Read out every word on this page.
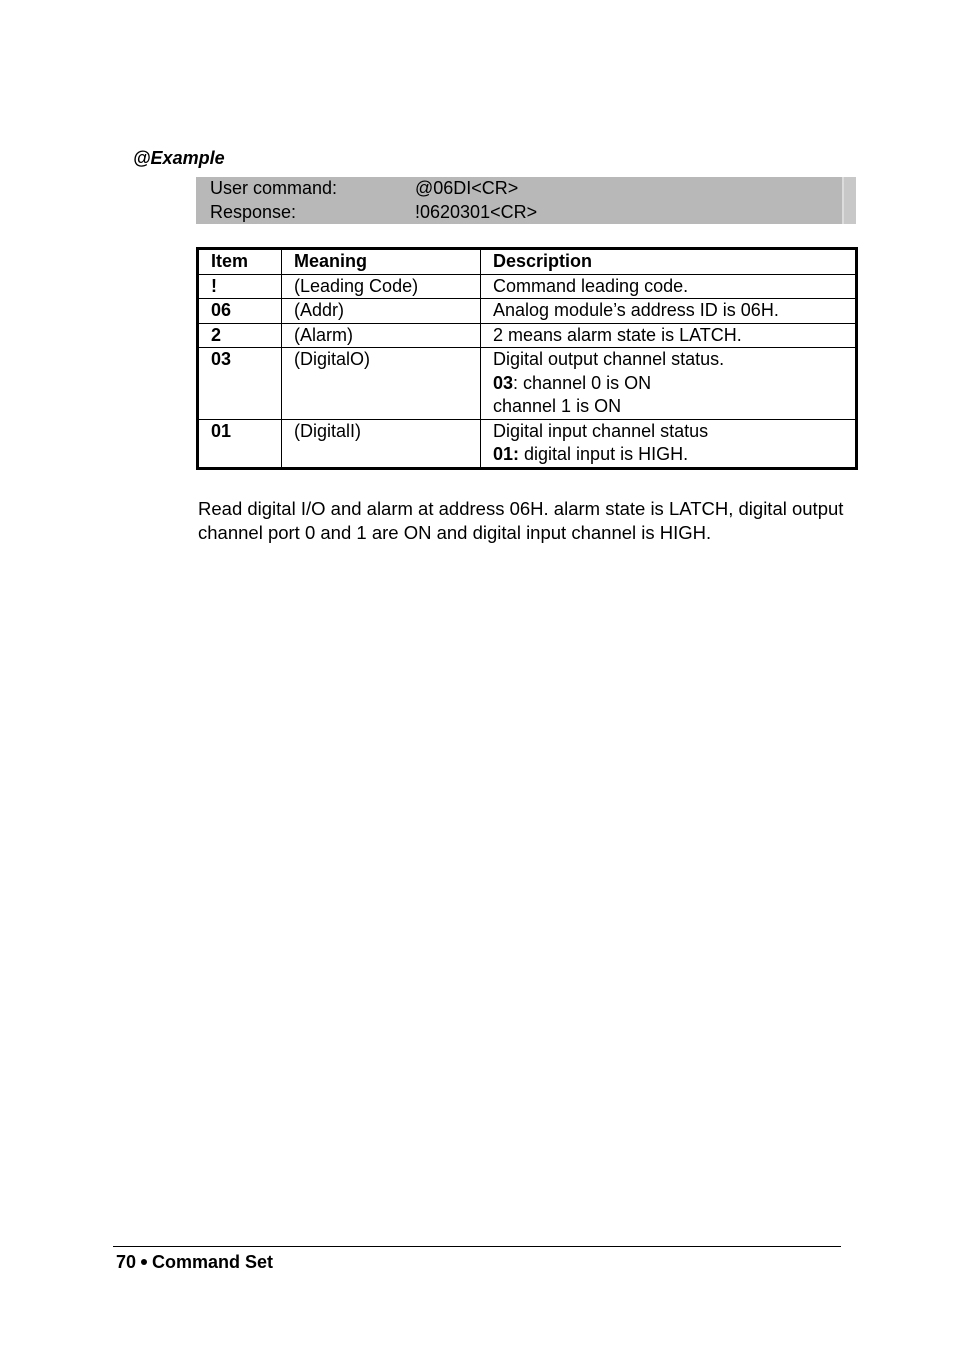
@Example
User command:	@06DI<CR>
Response:	!0620301<CR>
Item	Meaning	Description
!	(Leading Code)	Command leading code.

06	(Addr)	Analog module’s address ID is 06H.

2	(Alarm)	2 means alarm state is LATCH.

03	(DigitalO)	Digital output channel status.
03: channel 0 is ON
channel 1 is ON

01	(DigitalI)	Digital input channel status
01: digital input is HIGH.
Read digital I/O and alarm at address 06H. alarm state is LATCH, digital output channel port 0 and 1 are ON and digital input channel is HIGH.
70 Command Set
